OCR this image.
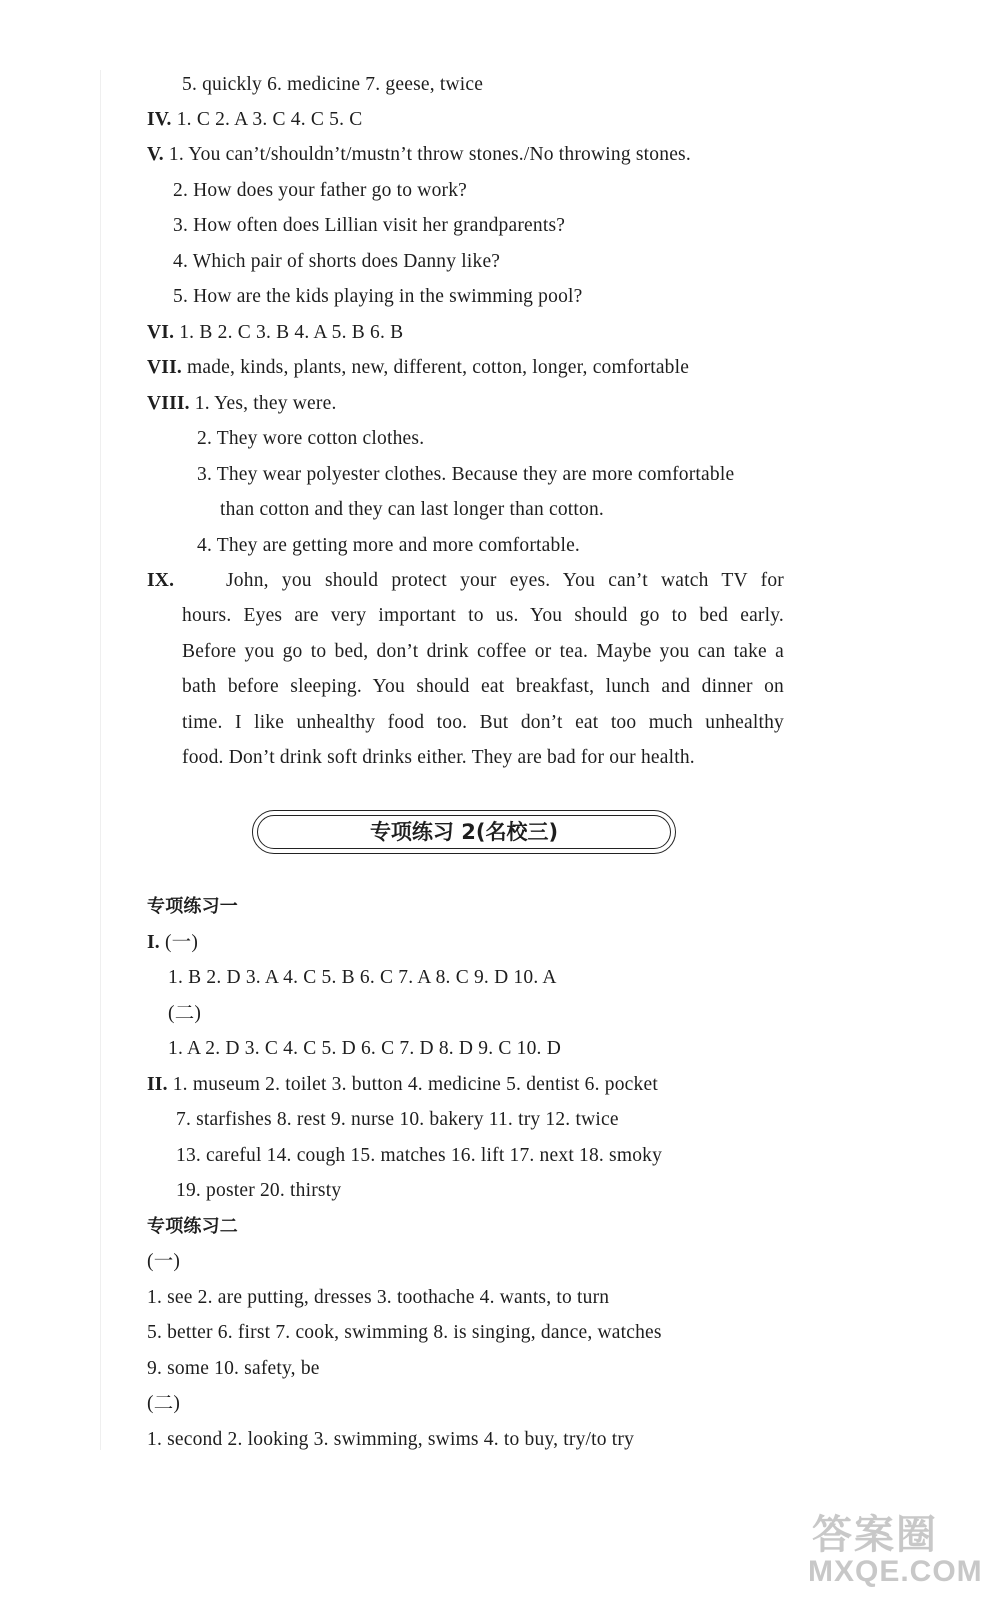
5. quickly 6. medicine 7. geese, twice
IV. 1. C 2. A 3. C 4. C 5. C
V. 1. You can’t/shouldn’t/mustn’t throw stones./No throwing stones.
2. How does your father go to work?
3. How often does Lillian visit her grandparents?
4. Which pair of shorts does Danny like?
5. How are the kids playing in the swimming pool?
VI. 1. B 2. C 3. B 4. A 5. B 6. B
VII. made, kinds, plants, new, different, cotton, longer, comfortable
VIII. 1. Yes, they were.
2. They wore cotton clothes.
3. They wear polyester clothes. Because they are more comfortable
than cotton and they can last longer than cotton.
4. They are getting more and more comfortable.
IX.	John, you should protect your eyes. You can’t watch TV for
hours. Eyes are very important to us. You should go to bed early.
Before you go to bed, don’t drink coffee or tea. Maybe you can take a
bath before sleeping. You should eat breakfast, lunch and dinner on
time. I like unhealthy food too. But don’t eat too much unhealthy
food. Don’t drink soft drinks either. They are bad for our health.
专项练习 2(名校三)
专项练习一
I. (一)
1. B 2. D 3. A 4. C 5. B 6. C 7. A 8. C 9. D 10. A
(二)
1. A 2. D 3. C 4. C 5. D 6. C 7. D 8. D 9. C 10. D
II. 1. museum 2. toilet 3. button 4. medicine 5. dentist 6. pocket
7. starfishes 8. rest 9. nurse 10. bakery 11. try 12. twice
13. careful 14. cough 15. matches 16. lift 17. next 18. smoky
19. poster 20. thirsty
专项练习二
(一)
1. see 2. are putting, dresses 3. toothache 4. wants, to turn
5. better 6. first 7. cook, swimming 8. is singing, dance, watches
9. some 10. safety, be
(二)
1. second 2. looking 3. swimming, swims 4. to buy, try/to try
答案圈
MXQE.COM
